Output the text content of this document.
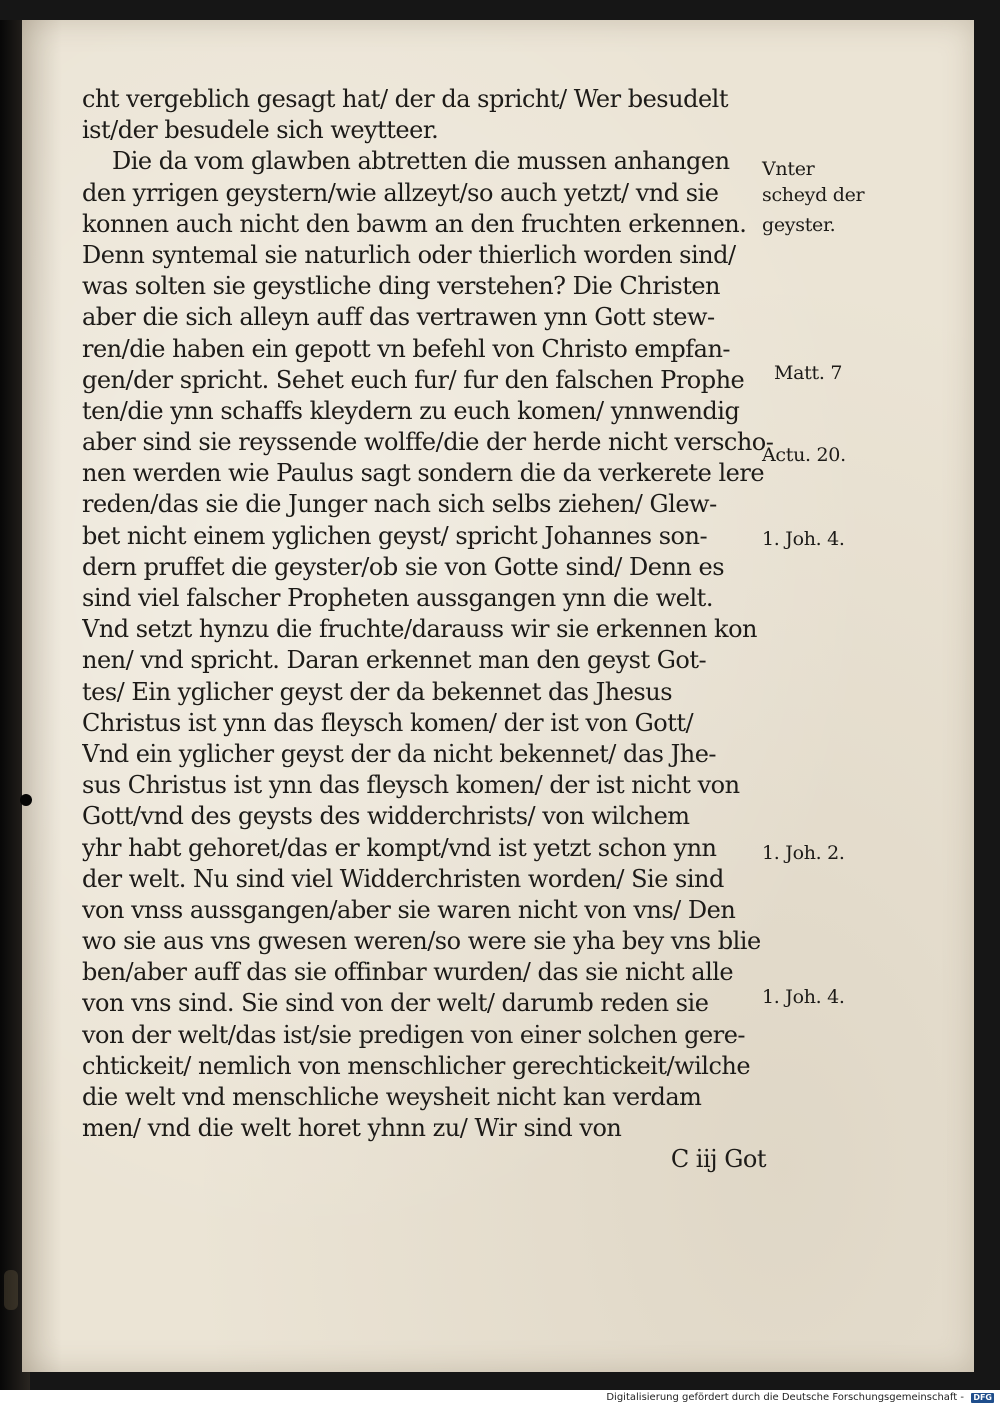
cht vergeblich gesagt hat/ der da spricht/ Wer besudelt
ist/der besudele sich weytteer.
Die da vom glawben abtretten die mussen anhangen
den yrrigen geystern/wie allzeyt/so auch yetzt/ vnd sie
konnen auch nicht den bawm an den fruchten erkennen.
Denn syntemal sie naturlich oder thierlich worden sind/
was solten sie geystliche ding verstehen? Die Christen
aber die sich alleyn auff das vertrawen ynn Gott stew-
ren/die haben ein gepott vn befehl von Christo empfan-
gen/der spricht. Sehet euch fur/ fur den falschen Prophe
ten/die ynn schaffs kleydern zu euch komen/ ynnwendig
aber sind sie reyssende wolffe/die der herde nicht verscho-
nen werden wie Paulus sagt sondern die da verkerete lere
reden/das sie die Junger nach sich selbs ziehen/ Glew-
bet nicht einem yglichen geyst/ spricht Johannes son-
dern pruffet die geyster/ob sie von Gotte sind/ Denn es
sind viel falscher Propheten aussgangen ynn die welt.
Vnd setzt hynzu die fruchte/darauss wir sie erkennen kon
nen/ vnd spricht. Daran erkennet man den geyst Got-
tes/ Ein yglicher geyst der da bekennet das Jhesus
Christus ist ynn das fleysch komen/ der ist von Gott/
Vnd ein yglicher geyst der da nicht bekennet/ das Jhe-
sus Christus ist ynn das fleysch komen/ der ist nicht von
Gott/vnd des geysts des widderchrists/ von wilchem
yhr habt gehoret/das er kompt/vnd ist yetzt schon ynn
der welt. Nu sind viel Widderchristen worden/ Sie sind
von vnss aussgangen/aber sie waren nicht von vns/ Den
wo sie aus vns gwesen weren/so were sie yha bey vns blie
ben/aber auff das sie offinbar wurden/ das sie nicht alle
von vns sind. Sie sind von der welt/ darumb reden sie
von der welt/das ist/sie predigen von einer solchen gere-
chtickeit/ nemlich von menschlicher gerechtickeit/wilche
die welt vnd menschliche weysheit nicht kan verdam
men/ vnd die welt horet yhnn zu/ Wir sind von
C iij Got
Vnter
scheyd der
geyster.
Matt. 7
Actu. 20.
1. Joh. 4.
1. Joh. 2.
1. Joh. 4.
Digitalisierung gefördert durch die Deutsche Forschungsgemeinschaft - DFG
